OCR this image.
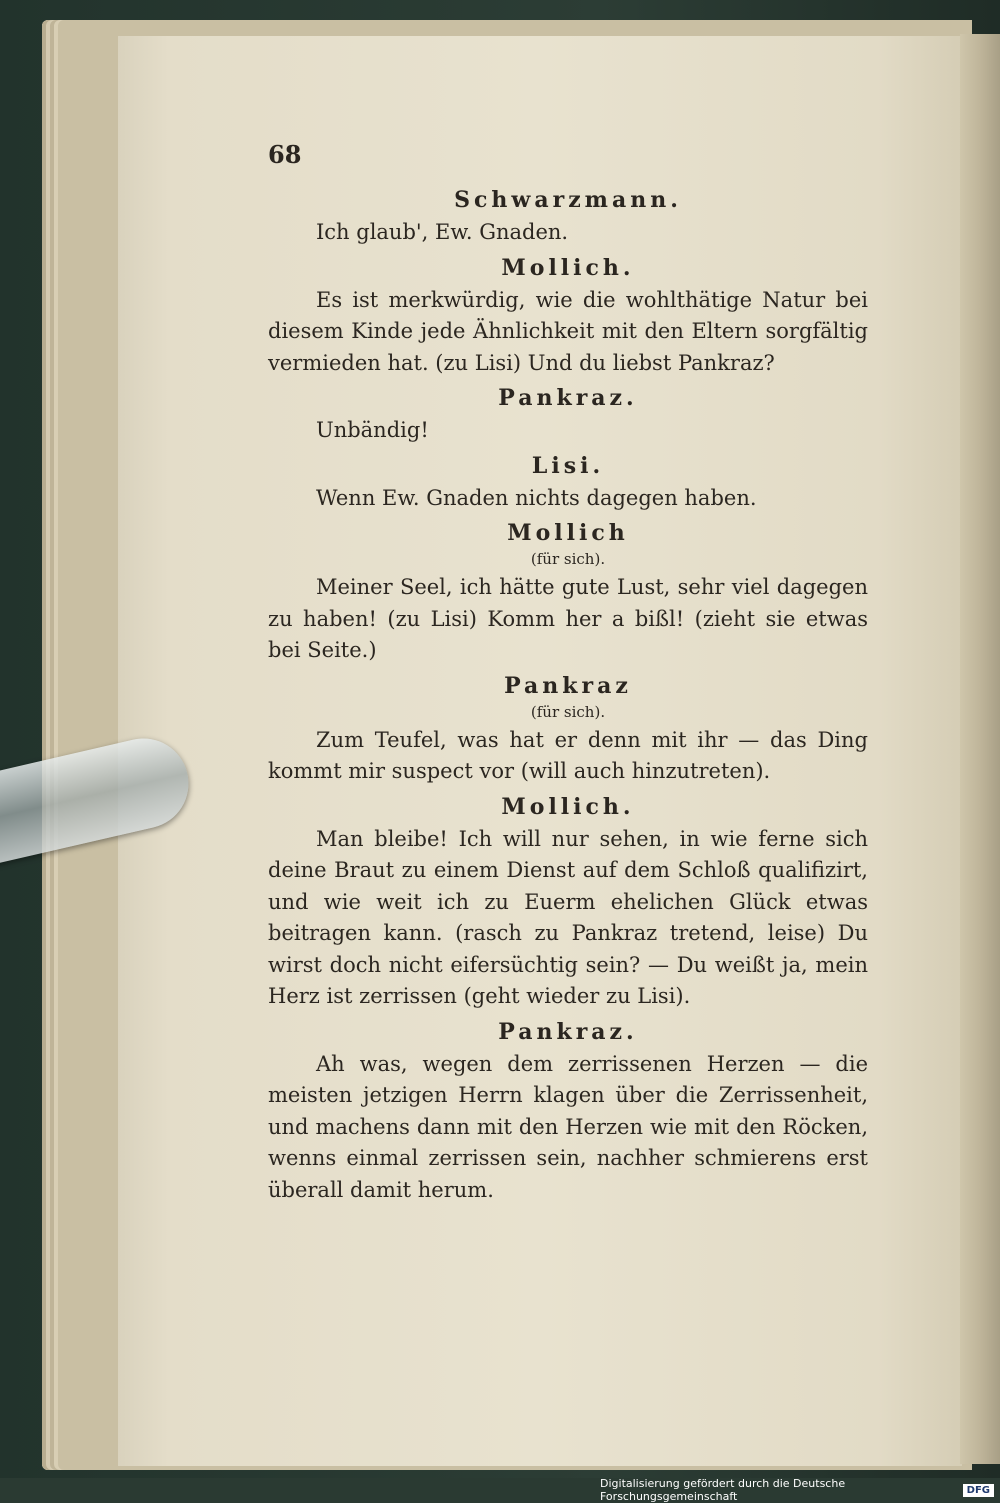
68
Schwarzmann.
Ich glaub', Ew. Gnaden.
Mollich.
Es ist merkwürdig, wie die wohlthätige Natur bei diesem Kinde jede Ähnlichkeit mit den Eltern sorgfältig vermieden hat. (zu Lisi) Und du liebst Pankraz?
Pankraz.
Unbändig!
Lisi.
Wenn Ew. Gnaden nichts dagegen haben.
Mollich
(für sich).
Meiner Seel, ich hätte gute Lust, sehr viel dagegen zu haben! (zu Lisi) Komm her a bißl! (zieht sie etwas bei Seite.)
Pankraz
(für sich).
Zum Teufel, was hat er denn mit ihr — das Ding kommt mir suspect vor (will auch hinzutreten).
Mollich.
Man bleibe! Ich will nur sehen, in wie ferne sich deine Braut zu einem Dienst auf dem Schloß qualifizirt, und wie weit ich zu Euerm ehelichen Glück etwas beitragen kann. (rasch zu Pankraz tretend, leise) Du wirst doch nicht eifersüchtig sein? — Du weißt ja, mein Herz ist zerrissen (geht wieder zu Lisi).
Pankraz.
Ah was, wegen dem zerrissenen Herzen — die meisten jetzigen Herrn klagen über die Zerrissenheit, und machens dann mit den Herzen wie mit den Röcken, wenns einmal zerrissen sein, nachher schmierens erst überall damit herum.
Digitalisierung gefördert durch die Deutsche Forschungsgemeinschaft	DFG
